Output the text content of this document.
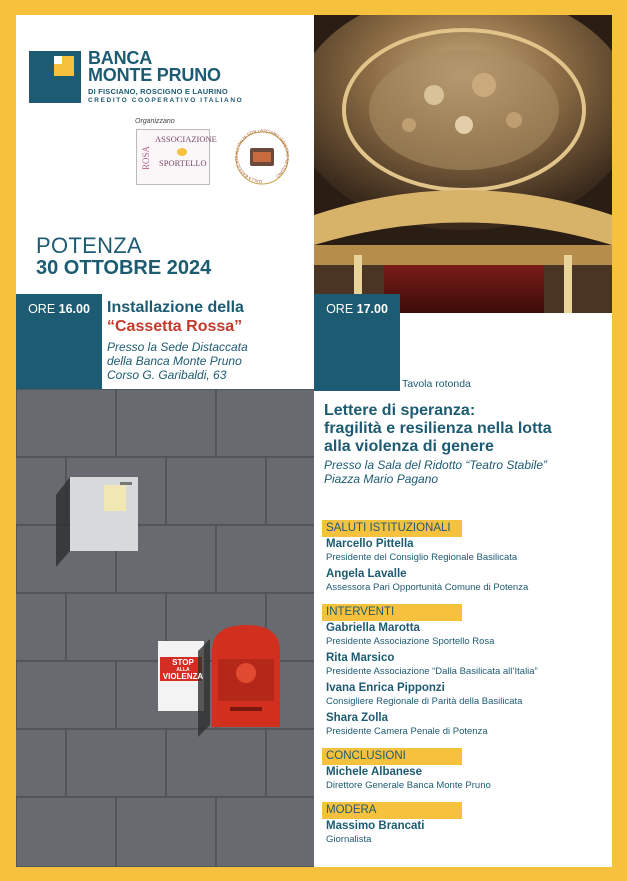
BANCA
MONTE PRUNO
DI FISCIANO, ROSCIGNO E LAURINO
CREDITO COOPERATIVO ITALIANO
Organizzano
ASSOCIAZIONE
ROSA SPORTELLO
DALLA BASILICATA ALL'ITALIA NON LASCIAMO INDIETRO NESSUNO
POTENZA
30 OTTOBRE 2024
ORE 16.00	Installazione della
“Cassetta Rossa”
Presso la Sede Distaccata
della Banca Monte Pruno
Corso G. Garibaldi, 63
ORE 17.00
STOP
ALLA
VIOLENZA
Tavola rotonda
Lettere di speranza:
fragilità e resilienza nella lotta
alla violenza di genere
Presso la Sala del Ridotto “Teatro Stabile”
Piazza Mario Pagano
SALUTI ISTITUZIONALI
Marcello Pittella
Presidente del Consiglio Regionale Basilicata
Angela Lavalle
Assessora Pari Opportunità Comune di Potenza
INTERVENTI
Gabriella Marotta
Presidente Associazione Sportello Rosa
Rita Marsico
Presidente Associazione “Dalla Basilicata all’Italia”
Ivana Enrica Pipponzi
Consigliere Regionale di Parità della Basilicata
Shara Zolla
Presidente Camera Penale di Potenza
CONCLUSIONI
Michele Albanese
Direttore Generale Banca Monte Pruno
MODERA
Massimo Brancati
Giornalista
